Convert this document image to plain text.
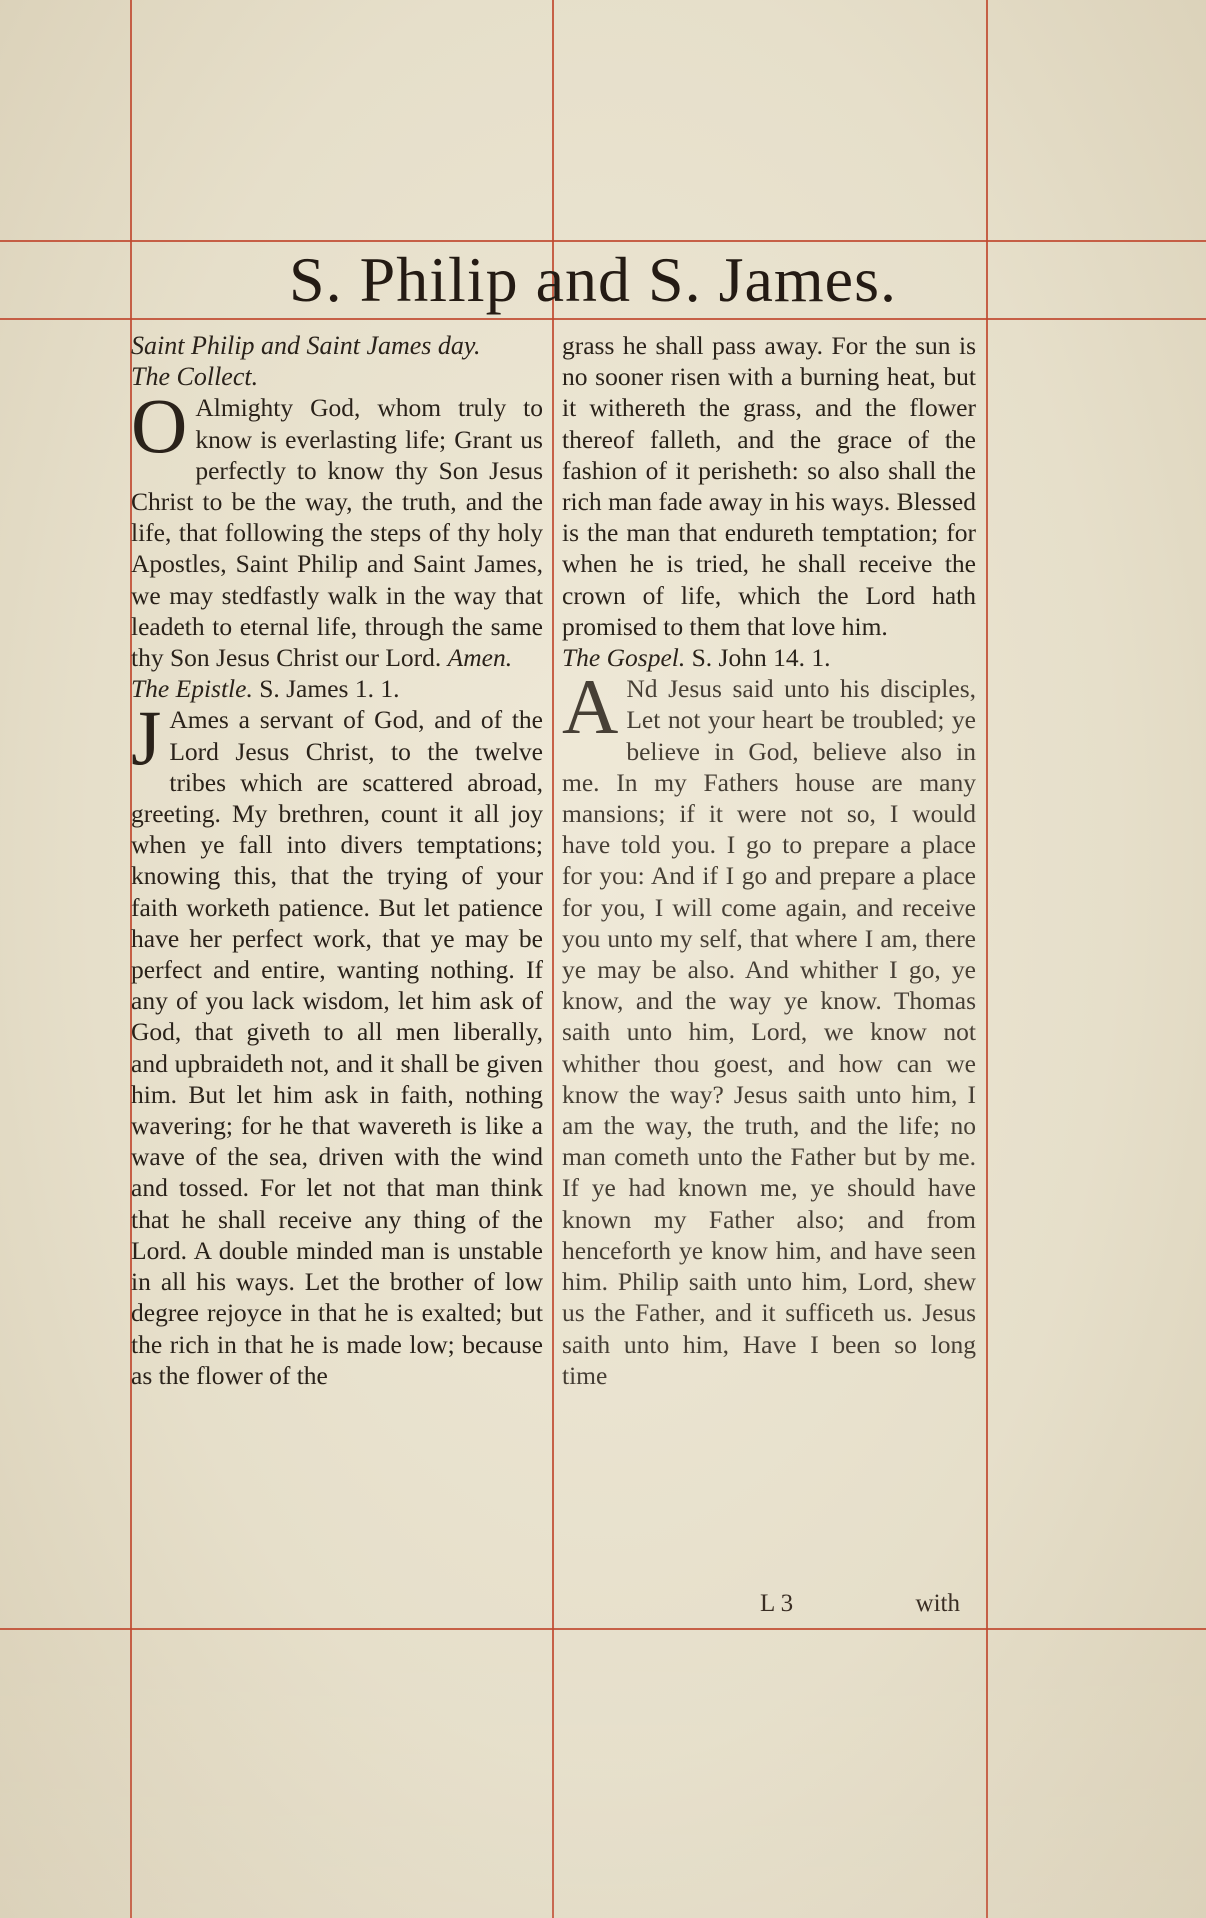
S. Philip and S. James.

Saint Philip and Saint James day.

The Collect.

O Almighty God, whom truly to know is everlasting life; Grant us perfectly to know thy Son Jesus Christ to be the way, the truth, and the life, that following the steps of thy holy Apostles, Saint Philip and Saint James, we may stedfastly walk in the way that leadeth to eternal life, through the same thy Son Jesus Christ our Lord. Amen.

The Epistle. S. James 1. 1.

J Ames a servant of God, and of the Lord Jesus Christ, to the twelve tribes which are scattered abroad, greeting. My brethren, count it all joy when ye fall into divers temptations; knowing this, that the trying of your faith worketh patience. But let patience have her perfect work, that ye may be perfect and entire, wanting nothing. If any of you lack wisdom, let him ask of God, that giveth to all men liberally, and upbraideth not, and it shall be given him. But let him ask in faith, nothing wavering; for he that wavereth is like a wave of the sea, driven with the wind and tossed. For let not that man think that he shall receive any thing of the Lord. A double minded man is unstable in all his ways. Let the brother of low degree rejoyce in that he is exalted; but the rich in that he is made low; because as the flower of the

grass he shall pass away. For the sun is no sooner risen with a burning heat, but it withereth the grass, and the flower thereof falleth, and the grace of the fashion of it perisheth: so also shall the rich man fade away in his ways. Blessed is the man that endureth temptation; for when he is tried, he shall receive the crown of life, which the Lord hath promised to them that love him.

The Gospel. S. John 14. 1.

A Nd Jesus said unto his disciples, Let not your heart be troubled; ye believe in God, believe also in me. In my Fathers house are many mansions; if it were not so, I would have told you. I go to prepare a place for you: And if I go and prepare a place for you, I will come again, and receive you unto my self, that where I am, there ye may be also. And whither I go, ye know, and the way ye know. Thomas saith unto him, Lord, we know not whither thou goest, and how can we know the way? Jesus saith unto him, I am the way, the truth, and the life; no man cometh unto the Father but by me. If ye had known me, ye should have known my Father also; and from henceforth ye know him, and have seen him. Philip saith unto him, Lord, shew us the Father, and it sufficeth us. Jesus saith unto him, Have I been so long time

L 3	with
